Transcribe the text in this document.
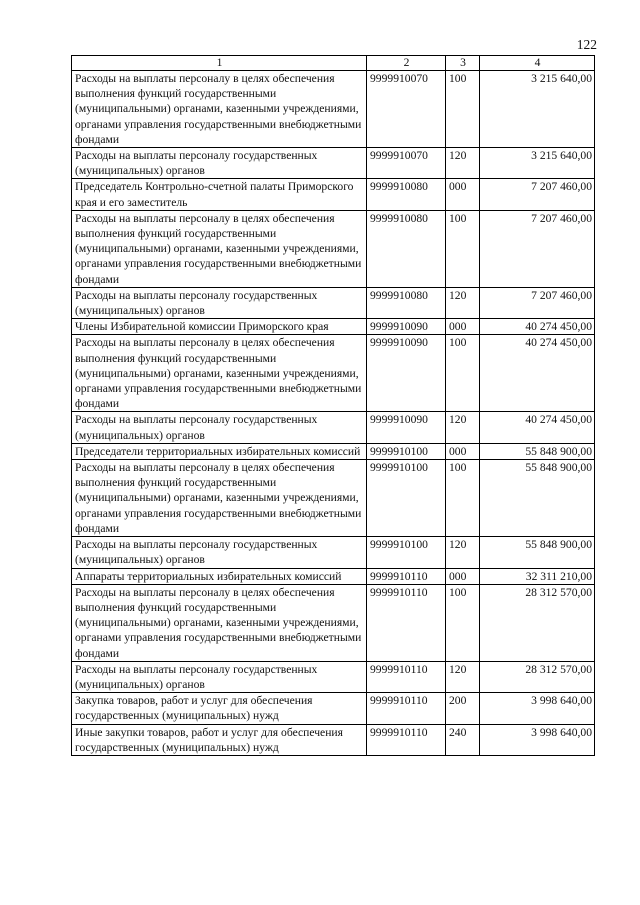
122
1	2	3	4
Расходы на выплаты персоналу в целях обеспечения выполнения функций государственными (муниципальными) органами, казенными учреждениями, органами управления государственными внебюджетными фондами	9999910070	100	3 215 640,00
Расходы на выплаты персоналу государственных (муниципальных) органов	9999910070	120	3 215 640,00
Председатель Контрольно-счетной палаты Приморского края и его заместитель	9999910080	000	7 207 460,00
Расходы на выплаты персоналу в целях обеспечения выполнения функций государственными (муниципальными) органами, казенными учреждениями, органами управления государственными внебюджетными фондами	9999910080	100	7 207 460,00
Расходы на выплаты персоналу государственных (муниципальных) органов	9999910080	120	7 207 460,00
Члены Избирательной комиссии Приморского края	9999910090	000	40 274 450,00
Расходы на выплаты персоналу в целях обеспечения выполнения функций государственными (муниципальными) органами, казенными учреждениями, органами управления государственными внебюджетными фондами	9999910090	100	40 274 450,00
Расходы на выплаты персоналу государственных (муниципальных) органов	9999910090	120	40 274 450,00
Председатели территориальных избирательных комиссий	9999910100	000	55 848 900,00
Расходы на выплаты персоналу в целях обеспечения выполнения функций государственными (муниципальными) органами, казенными учреждениями, органами управления государственными внебюджетными фондами	9999910100	100	55 848 900,00
Расходы на выплаты персоналу государственных (муниципальных) органов	9999910100	120	55 848 900,00
Аппараты территориальных избирательных комиссий	9999910110	000	32 311 210,00
Расходы на выплаты персоналу в целях обеспечения выполнения функций государственными (муниципальными) органами, казенными учреждениями, органами управления государственными внебюджетными фондами	9999910110	100	28 312 570,00
Расходы на выплаты персоналу государственных (муниципальных) органов	9999910110	120	28 312 570,00
Закупка товаров, работ и услуг для обеспечения государственных (муниципальных) нужд	9999910110	200	3 998 640,00
Иные закупки товаров, работ и услуг для обеспечения государственных (муниципальных) нужд	9999910110	240	3 998 640,00
